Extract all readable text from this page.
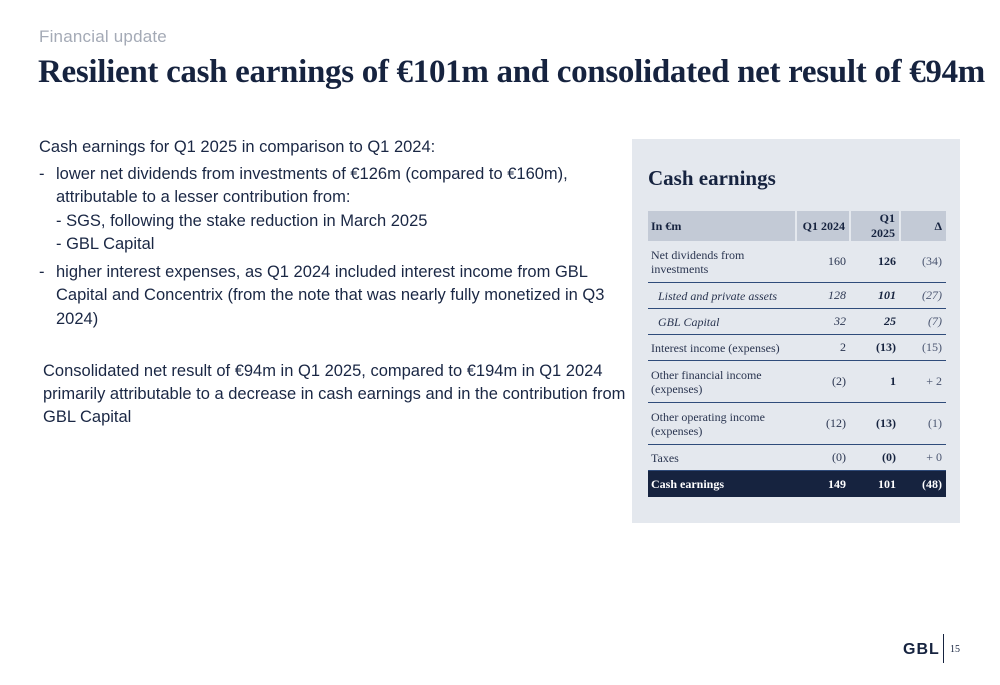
Financial update
Resilient cash earnings of €101m and consolidated net result of €94m

Cash earnings for Q1 2025 in comparison to Q1 2024:

- lower net dividends from investments of €126m (compared to €160m), attributable to a lesser contribution from:
- SGS, following the stake reduction in March 2025
- GBL Capital
- higher interest expenses, as Q1 2024 included interest income from GBL Capital and Concentrix (from the note that was nearly fully monetized in Q3 2024)

Consolidated net result of €94m in Q1 2025, compared to €194m in Q1 2024 primarily attributable to a decrease in cash earnings and in the contribution from GBL Capital

Cash earnings
In €m	Q1 2024	Q1 2025	Δ
Net dividends from investments	160	126	(34)
Listed and private assets	128	101	(27)
GBL Capital	32	25	(7)
Interest income (expenses)	2	(13)	(15)
Other financial income (expenses)	(2)	1	+ 2
Other operating income (expenses)	(12)	(13)	(1)
Taxes	(0)	(0)	+ 0
Cash earnings	149	101	(48)
GBL 15
